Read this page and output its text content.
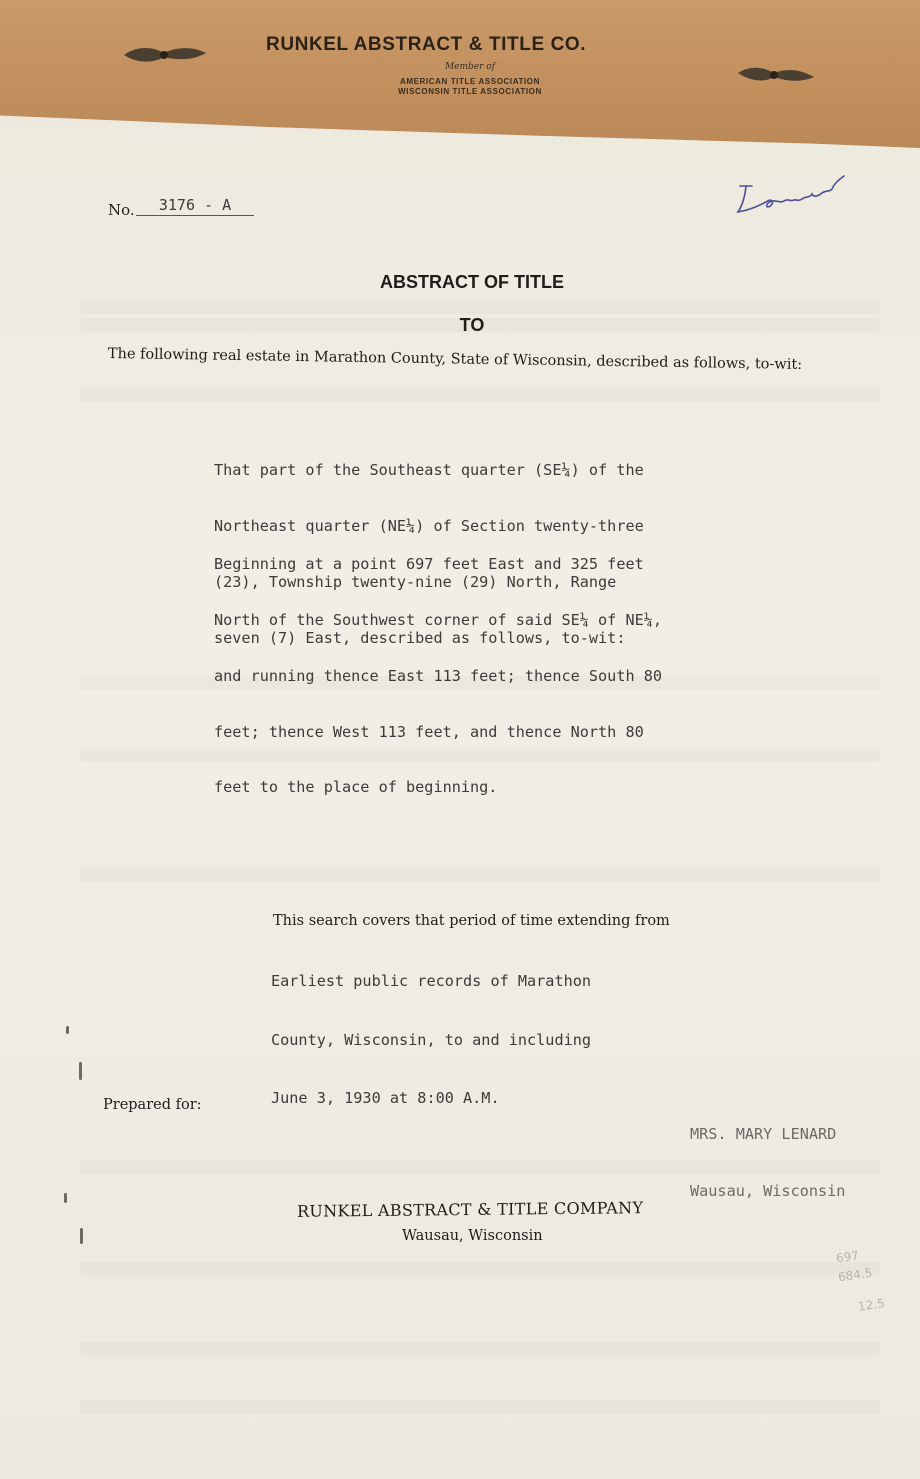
RUNKEL ABSTRACT & TITLE CO.
Member of
AMERICAN TITLE ASSOCIATION
WISCONSIN TITLE ASSOCIATION
No.	3176 - A
ABSTRACT OF TITLE
TO
The following real estate in Marathon County, State of Wisconsin, described as follows, to-wit:

That part of the Southeast quarter (SE¼) of the

Northeast quarter (NE¼) of Section twenty-three

(23), Township twenty-nine (29) North, Range

seven (7) East, described as follows, to-wit:

Beginning at a point 697 feet East and 325 feet

North of the Southwest corner of said SE¼ of NE¼,

and running thence East 113 feet; thence South 80

feet; thence West 113 feet, and thence North 80

feet to the place of beginning.

This search covers that period of time extending from

Earliest public records of Marathon

County, Wisconsin, to and including

June 3, 1930 at 8:00 A.M.

Prepared for:

MRS. MARY LENARD

Wausau, Wisconsin

RUNKEL ABSTRACT & TITLE COMPANY
Wausau, Wisconsin
697
684.5
12.5
